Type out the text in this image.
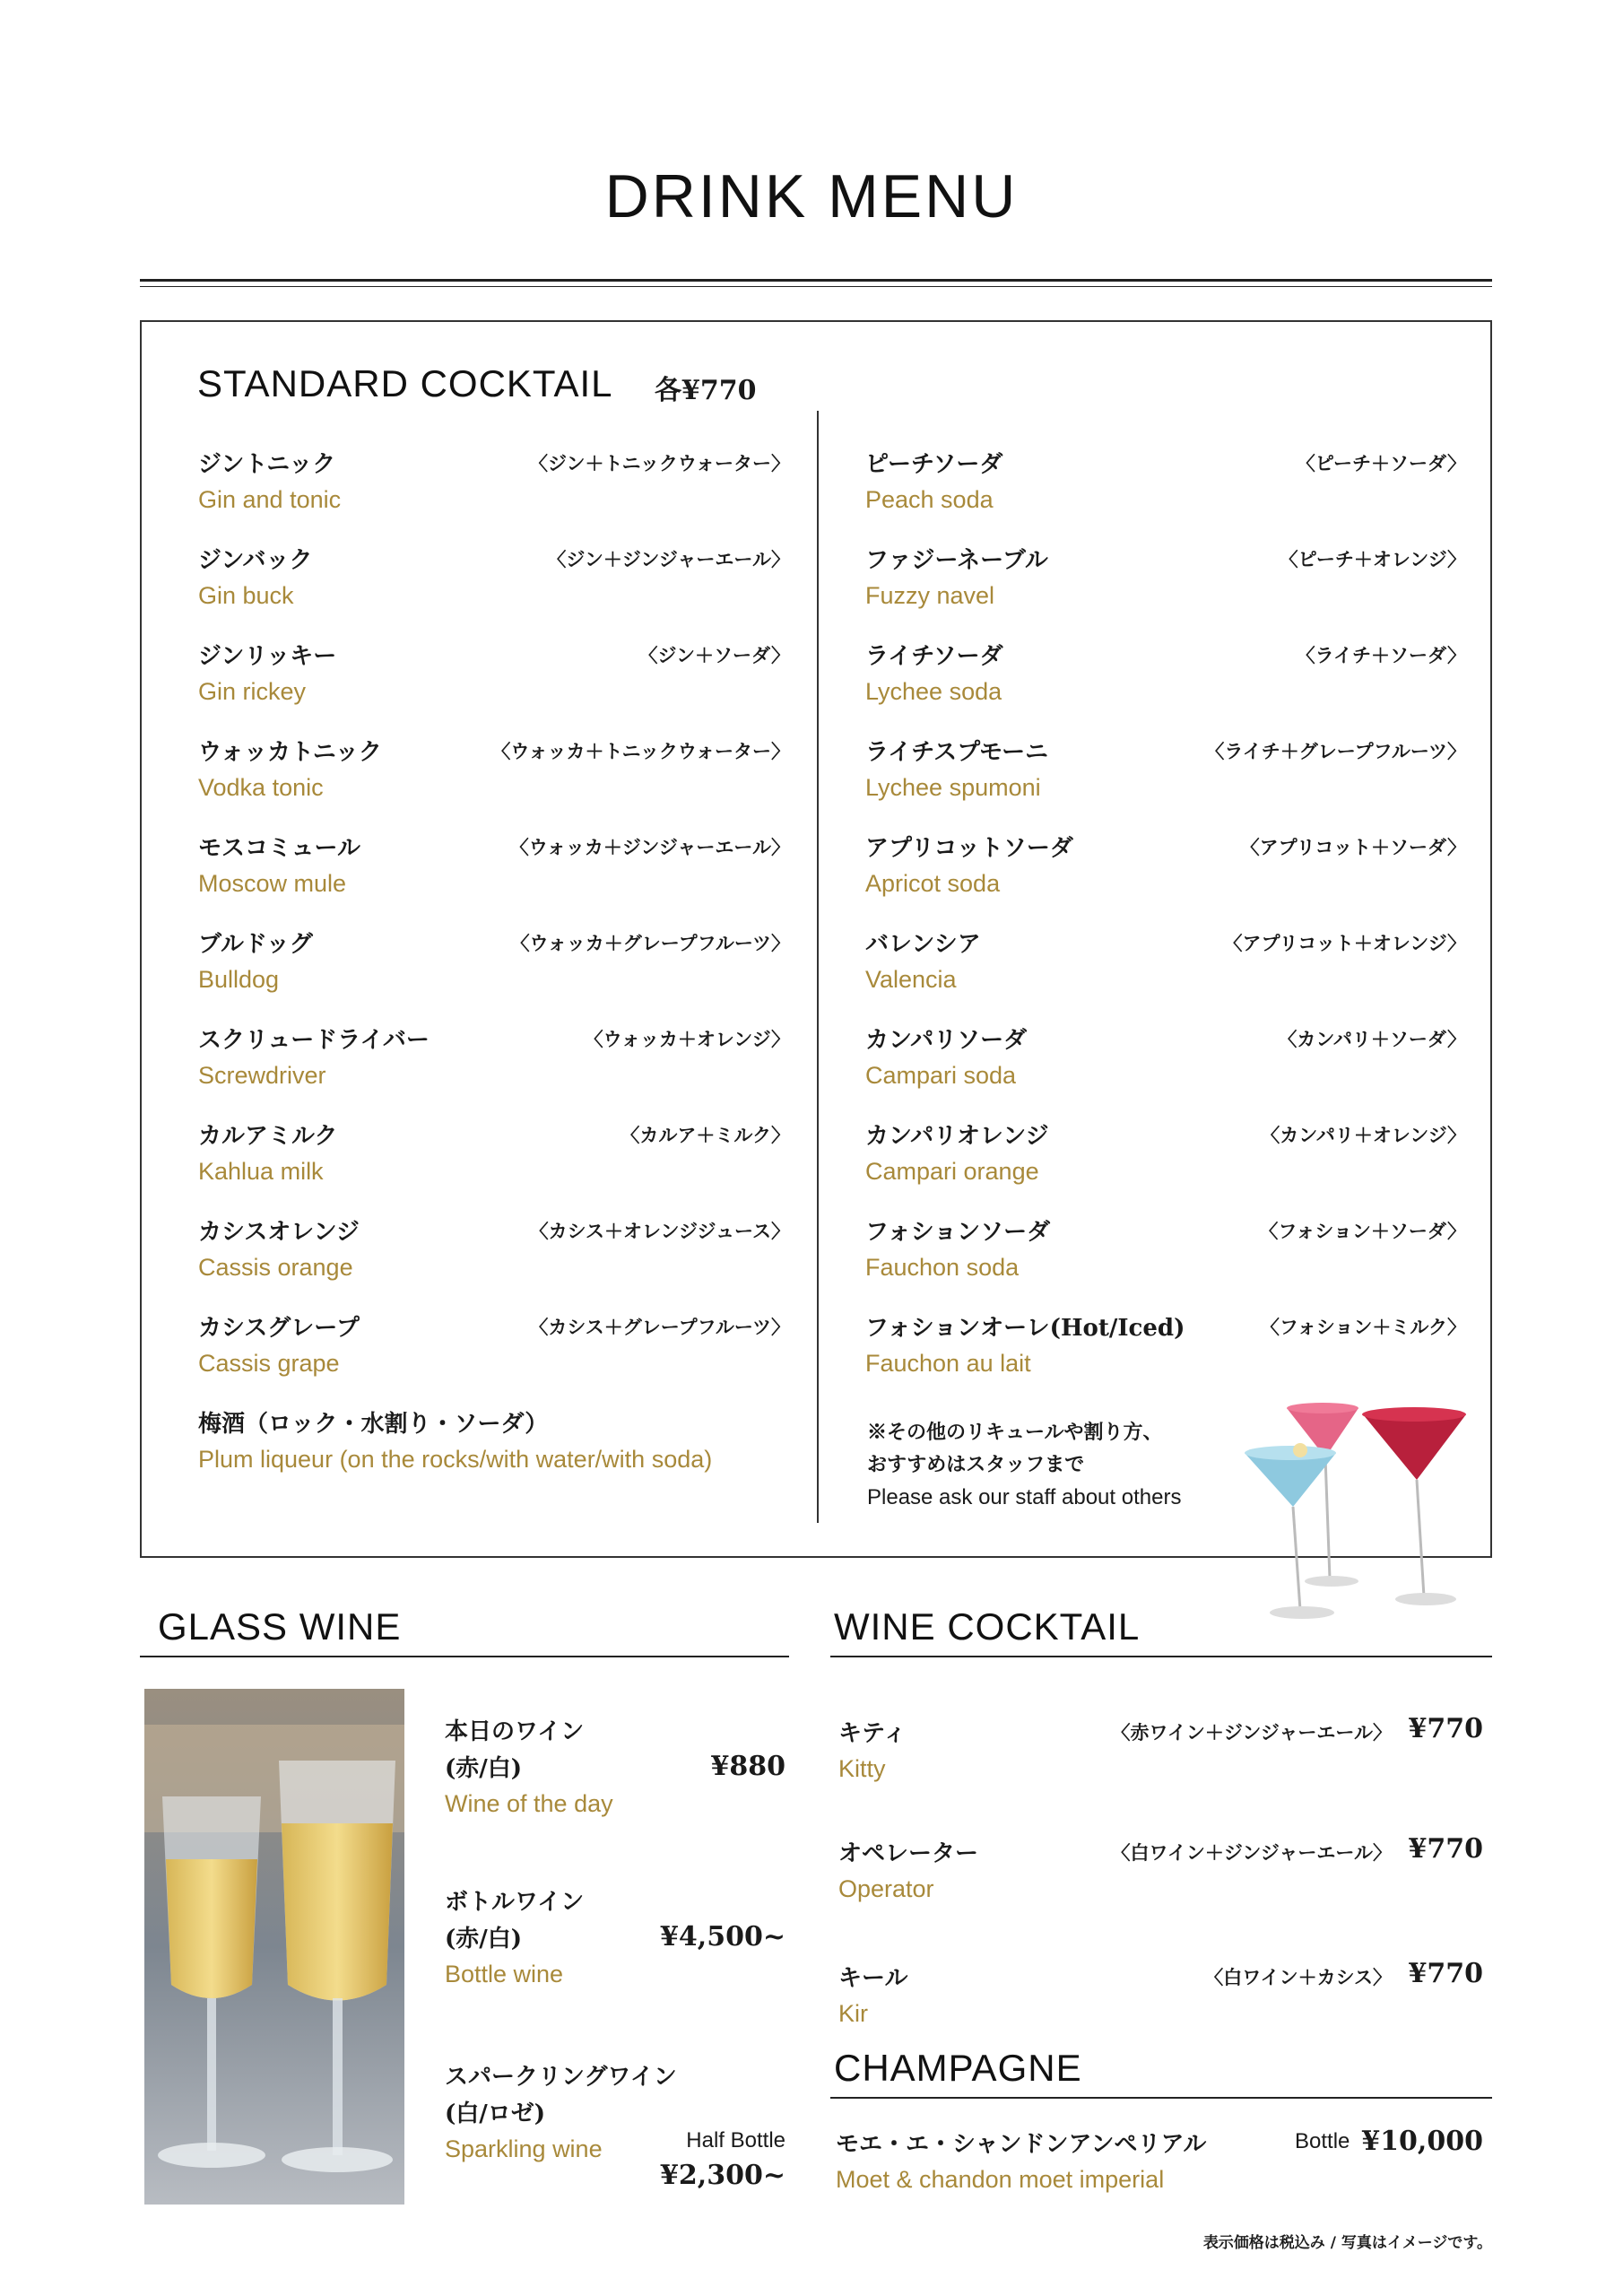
DRINK MENU
STANDARD COCKTAIL 各¥770
ジントニック
Gin and tonic
〈ジン＋トニックウォーター〉
ジンバック
Gin buck
〈ジン＋ジンジャーエール〉
ジンリッキー
Gin rickey
〈ジン＋ソーダ〉
ウォッカトニック
Vodka tonic
〈ウォッカ＋トニックウォーター〉
モスコミュール
Moscow mule
〈ウォッカ＋ジンジャーエール〉
ブルドッグ
Bulldog
〈ウォッカ＋グレープフルーツ〉
スクリュードライバー
Screwdriver
〈ウォッカ＋オレンジ〉
カルアミルク
Kahlua milk
〈カルア＋ミルク〉
カシスオレンジ
Cassis orange
〈カシス＋オレンジジュース〉
カシスグレープ
Cassis grape
〈カシス＋グレープフルーツ〉
梅酒（ロック・水割り・ソーダ）
Plum liqueur (on the rocks/with water/with soda)
ピーチソーダ
Peach soda
〈ピーチ＋ソーダ〉
ファジーネーブル
Fuzzy navel
〈ピーチ＋オレンジ〉
ライチソーダ
Lychee soda
〈ライチ＋ソーダ〉
ライチスプモーニ
Lychee spumoni
〈ライチ＋グレープフルーツ〉
アプリコットソーダ
Apricot soda
〈アプリコット＋ソーダ〉
バレンシア
Valencia
〈アプリコット＋オレンジ〉
カンパリソーダ
Campari soda
〈カンパリ＋ソーダ〉
カンパリオレンジ
Campari orange
〈カンパリ＋オレンジ〉
フォションソーダ
Fauchon soda
〈フォション＋ソーダ〉
フォションオーレ(Hot/Iced)
Fauchon au lait
〈フォション＋ミルク〉
※その他のリキュールや割り方、
おすすめはスタッフまで
Please ask our staff about others
GLASS WINE
本日のワイン
(赤/白)
Wine of the day
¥880
ボトルワイン
(赤/白)
Bottle wine
¥4,500~
スパークリングワイン
(白/ロゼ)
Sparkling wine	Half Bottle
¥2,300~
WINE COCKTAIL
キティ
Kitty
〈赤ワイン＋ジンジャーエール〉 ¥770
オペレーター
Operator
〈白ワイン＋ジンジャーエール〉 ¥770
キール
Kir
〈白ワイン＋カシス〉 ¥770
CHAMPAGNE
モエ・エ・シャンドンアンペリアル
Moet & chandon moet imperial
Bottle ¥10,000
表示価格は税込み / 写真はイメージです。
